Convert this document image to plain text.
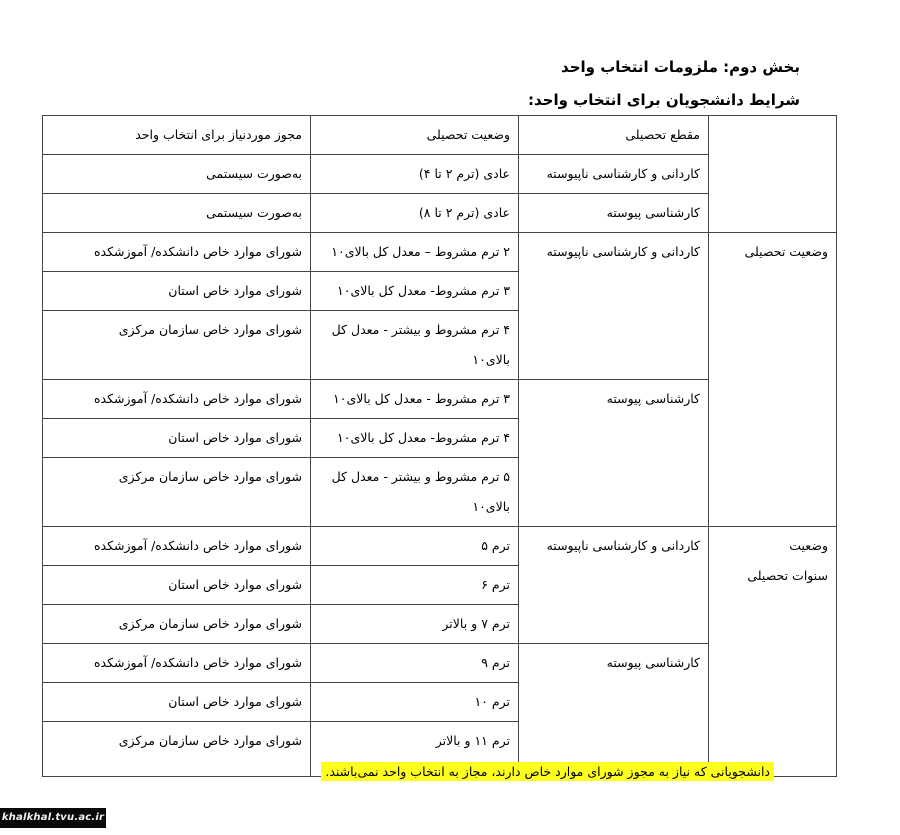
بخش دوم: ملزومات انتخاب واحد
شرایط دانشجویان برای انتخاب واحد:
	مقطع تحصیلی	وضعیت تحصیلی	مجوز موردنیاز برای انتخاب واحد
	کاردانی و کارشناسی ناپیوسته	عادی (ترم ۲ تا ۴)	به‌صورت سیستمی
	کارشناسی پیوسته	عادی (ترم ۲ تا ۸)	به‌صورت سیستمی
وضعیت تحصیلی	کاردانی و کارشناسی ناپیوسته	۲ ترم مشروط – معدل کل بالای۱۰	شورای موارد خاص دانشکده/ آموزشکده
		۳ ترم مشروط- معدل کل بالای۱۰	شورای موارد خاص استان
		۴ ترم مشروط و بیشتر - معدل کل بالای۱۰	شورای موارد خاص سازمان مرکزی
	کارشناسی پیوسته	۳ ترم مشروط - معدل کل بالای۱۰	شورای موارد خاص دانشکده/ آموزشکده
		۴ ترم مشروط- معدل کل بالای۱۰	شورای موارد خاص استان
		۵ ترم مشروط و بیشتر - معدل کل بالای۱۰	شورای موارد خاص سازمان مرکزی

وضعیت
سنوات تحصیلی	کاردانی و کارشناسی ناپیوسته	ترم ۵	شورای موارد خاص دانشکده/ آموزشکده
		ترم ۶	شورای موارد خاص استان
		ترم ۷ و بالاتر	شورای موارد خاص سازمان مرکزی
	کارشناسی پیوسته	ترم ۹	شورای موارد خاص دانشکده/ آموزشکده
		ترم ۱۰	شورای موارد خاص استان
		ترم ۱۱ و بالاتر	شورای موارد خاص سازمان مرکزی
دانشجویانی که نیاز به مجوز شورای موارد خاص دارند، مجاز به انتخاب واحد نمی‌باشند.
khalkhal.tvu.ac.ir
